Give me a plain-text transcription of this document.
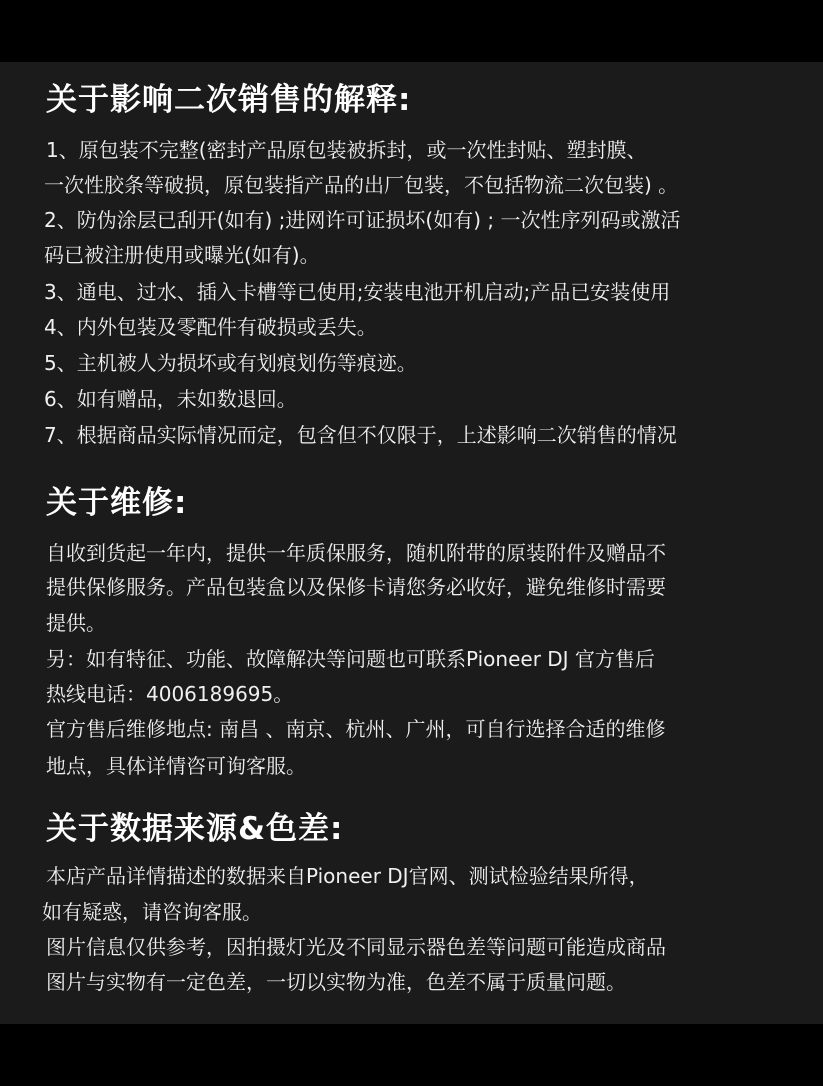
关于影响二次销售的解释:

1、原包装不完整(密封产品原包装被拆封，或一次性封贴、塑封膜、

一次性胶条等破损，原包装指产品的出厂包装，不包括物流二次包装) 。

2、防伪涂层已刮开(如有) ;进网许可证损坏(如有) ; 一次性序列码或激活

码已被注册使用或曝光(如有)。

3、通电、过水、插入卡槽等已使用;安装电池开机启动;产品已安装使用

4、内外包装及零配件有破损或丢失。

5、主机被人为损坏或有划痕划伤等痕迹。

6、如有赠品，未如数退回。

7、根据商品实际情况而定，包含但不仅限于，上述影响二次销售的情况

关于维修:

自收到货起一年内，提供一年质保服务，随机附带的原装附件及赠品不

提供保修服务。产品包装盒以及保修卡请您务必收好，避免维修时需要

提供。

另：如有特征、功能、故障解决等问题也可联系Pioneer DJ 官方售后

热线电话：4006189695。

官方售后维修地点: 南昌 、南京、杭州、广州，可自行选择合适的维修

地点，具体详情咨可询客服。

关于数据来源&色差:

本店产品详情描述的数据来自Pioneer DJ官网、测试检验结果所得，

如有疑惑，请咨询客服。

图片信息仅供参考，因拍摄灯光及不同显示器色差等问题可能造成商品

图片与实物有一定色差，一切以实物为准，色差不属于质量问题。
